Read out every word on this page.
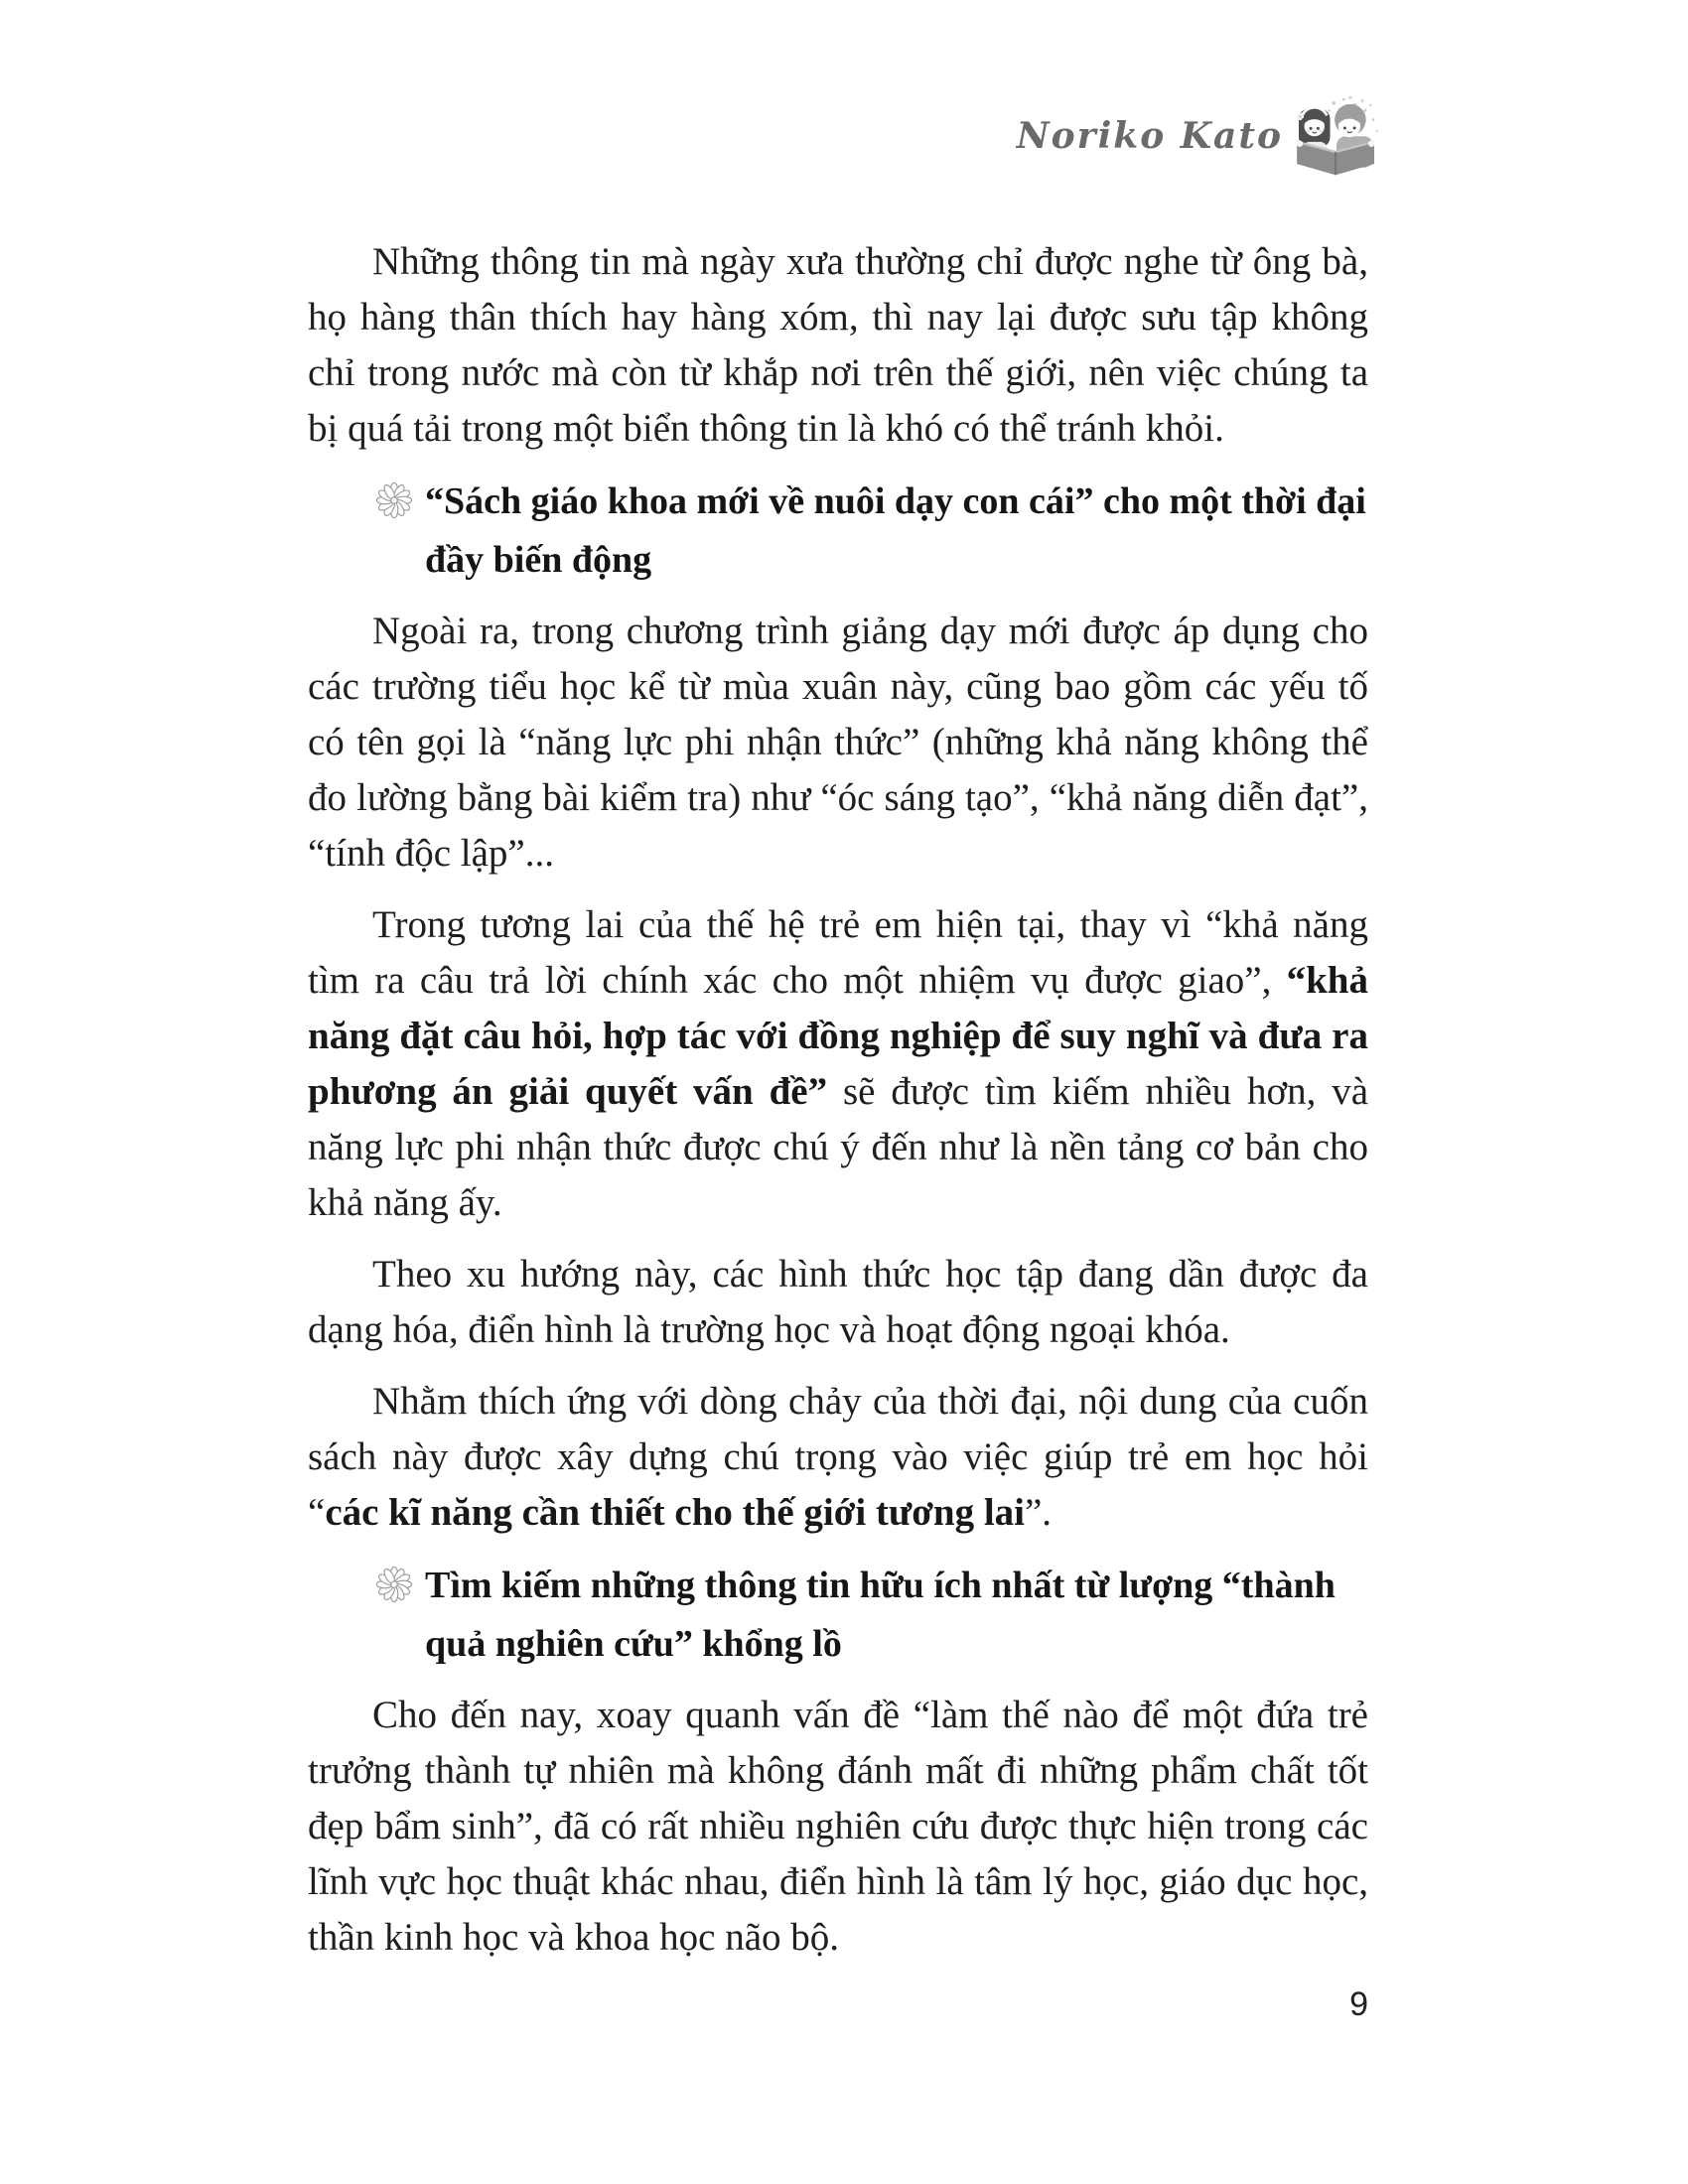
Noriko Kato

Những thông tin mà ngày xưa thường chỉ được nghe từ ông bà, họ hàng thân thích hay hàng xóm, thì nay lại được sưu tập không chỉ trong nước mà còn từ khắp nơi trên thế giới, nên việc chúng ta bị quá tải trong một biển thông tin là khó có thể tránh khỏi.

“Sách giáo khoa mới về nuôi dạy con cái” cho một thời đại đầy biến động

Ngoài ra, trong chương trình giảng dạy mới được áp dụng cho các trường tiểu học kể từ mùa xuân này, cũng bao gồm các yếu tố có tên gọi là “năng lực phi nhận thức” (những khả năng không thể đo lường bằng bài kiểm tra) như “óc sáng tạo”, “khả năng diễn đạt”, “tính độc lập”...

Trong tương lai của thế hệ trẻ em hiện tại, thay vì “khả năng tìm ra câu trả lời chính xác cho một nhiệm vụ được giao”, “khả năng đặt câu hỏi, hợp tác với đồng nghiệp để suy nghĩ và đưa ra phương án giải quyết vấn đề” sẽ được tìm kiếm nhiều hơn, và năng lực phi nhận thức được chú ý đến như là nền tảng cơ bản cho khả năng ấy.

Theo xu hướng này, các hình thức học tập đang dần được đa dạng hóa, điển hình là trường học và hoạt động ngoại khóa.

Nhằm thích ứng với dòng chảy của thời đại, nội dung của cuốn sách này được xây dựng chú trọng vào việc giúp trẻ em học hỏi “các kĩ năng cần thiết cho thế giới tương lai”.

Tìm kiếm những thông tin hữu ích nhất từ lượng “thành quả nghiên cứu” khổng lồ

Cho đến nay, xoay quanh vấn đề “làm thế nào để một đứa trẻ trưởng thành tự nhiên mà không đánh mất đi những phẩm chất tốt đẹp bẩm sinh”, đã có rất nhiều nghiên cứu được thực hiện trong các lĩnh vực học thuật khác nhau, điển hình là tâm lý học, giáo dục học, thần kinh học và khoa học não bộ.

9
